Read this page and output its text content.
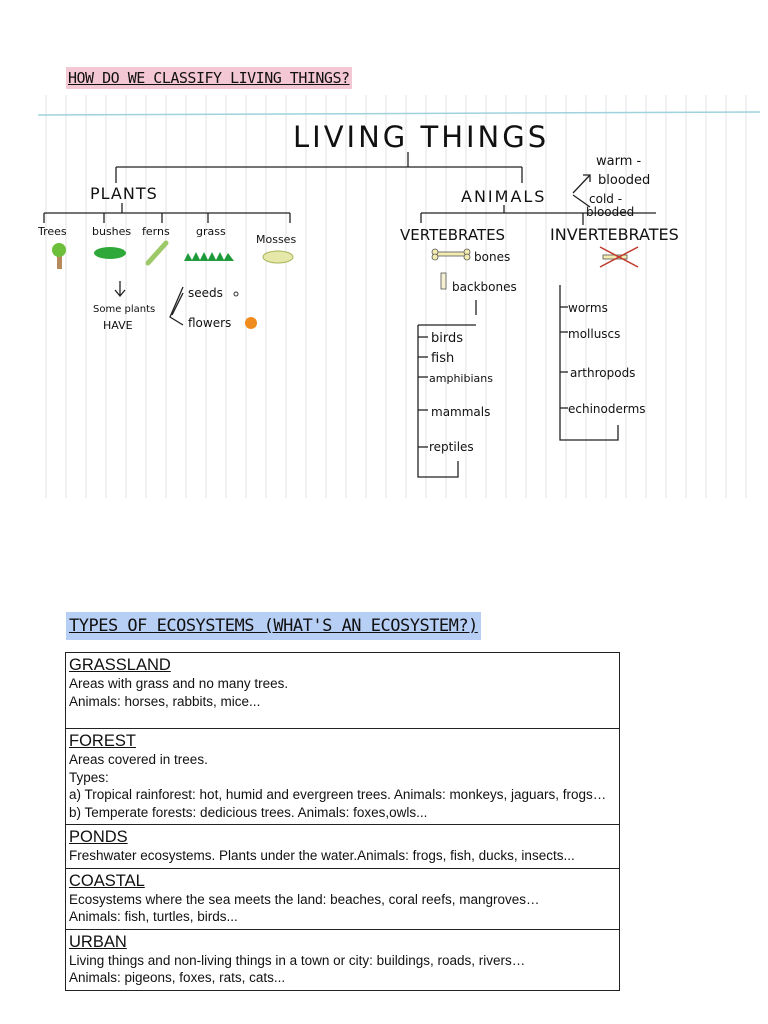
HOW DO WE CLASSIFY LIVING THINGS?
LIVING THINGS
PLANTS
Trees bushes ferns grass
Mosses
Some plants
HAVE
seeds
flowers
ANIMALS
warm -
blooded
cold -
blooded
VERTEBRATES
bones
backbones
birds
fish
amphibians
mammals
reptiles
INVERTEBRATES
worms
molluscs
arthropods
echinoderms
TYPES OF ECOSYSTEMS (WHAT'S AN ECOSYSTEM?)
GRASSLAND
Areas with grass and no many trees.
Animals: horses, rabbits, mice...

FOREST
Areas covered in trees.
Types:
a) Tropical rainforest: hot, humid and evergreen trees. Animals: monkeys, jaguars, frogs…
b) Temperate forests: dedicious trees. Animals: foxes,owls...

PONDS
Freshwater ecosystems. Plants under the water.Animals: frogs, fish, ducks, insects...

COASTAL
Ecosystems where the sea meets the land: beaches, coral reefs, mangroves…
Animals: fish, turtles, birds...

URBAN
Living things and non-living things in a town or city: buildings, roads, rivers…
Animals: pigeons, foxes, rats, cats...
